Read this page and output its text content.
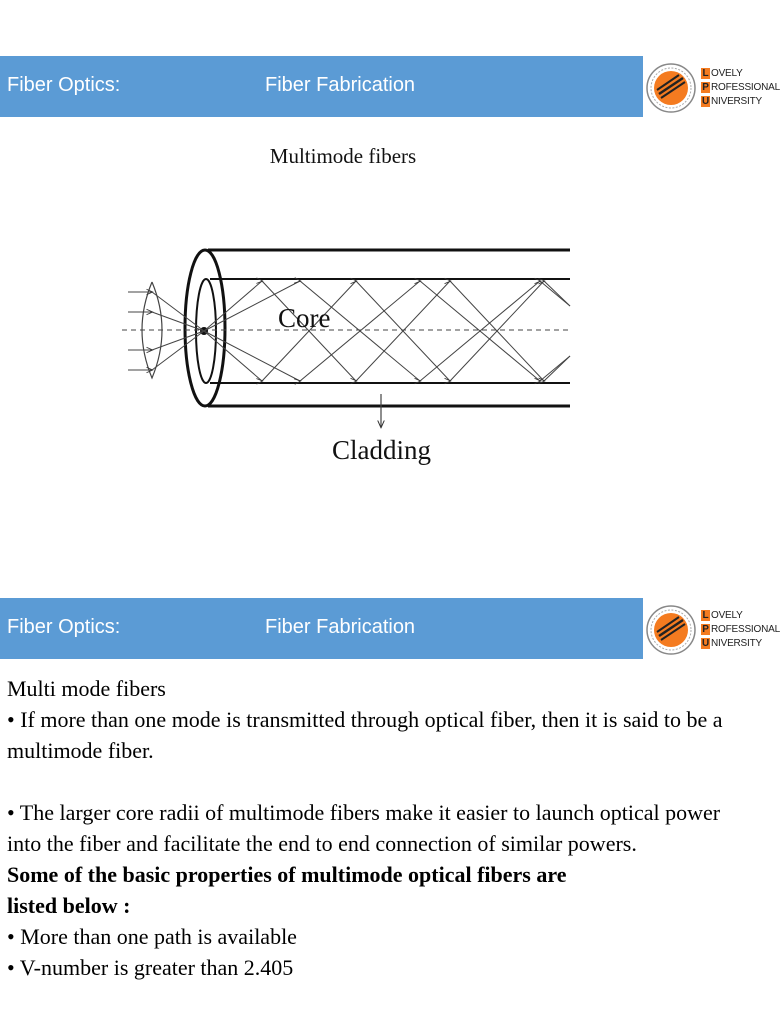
Fiber Optics:	Fiber Fabrication
L OVELY
P ROFESSIONAL
U NIVERSITY
Multimode fibers
Core
Cladding
Fiber Optics:	Fiber Fabrication
L OVELY
P ROFESSIONAL
U NIVERSITY

Multi mode fibers

• If more than one mode is transmitted through optical fiber, then it is said to be a multimode fiber.

• The larger core radii of multimode fibers make it easier to launch optical power into the fiber and facilitate the end to end connection of similar powers.

Some of the basic properties of multimode optical fibers are listed below :

• More than one path is available

• V-number is greater than 2.405
